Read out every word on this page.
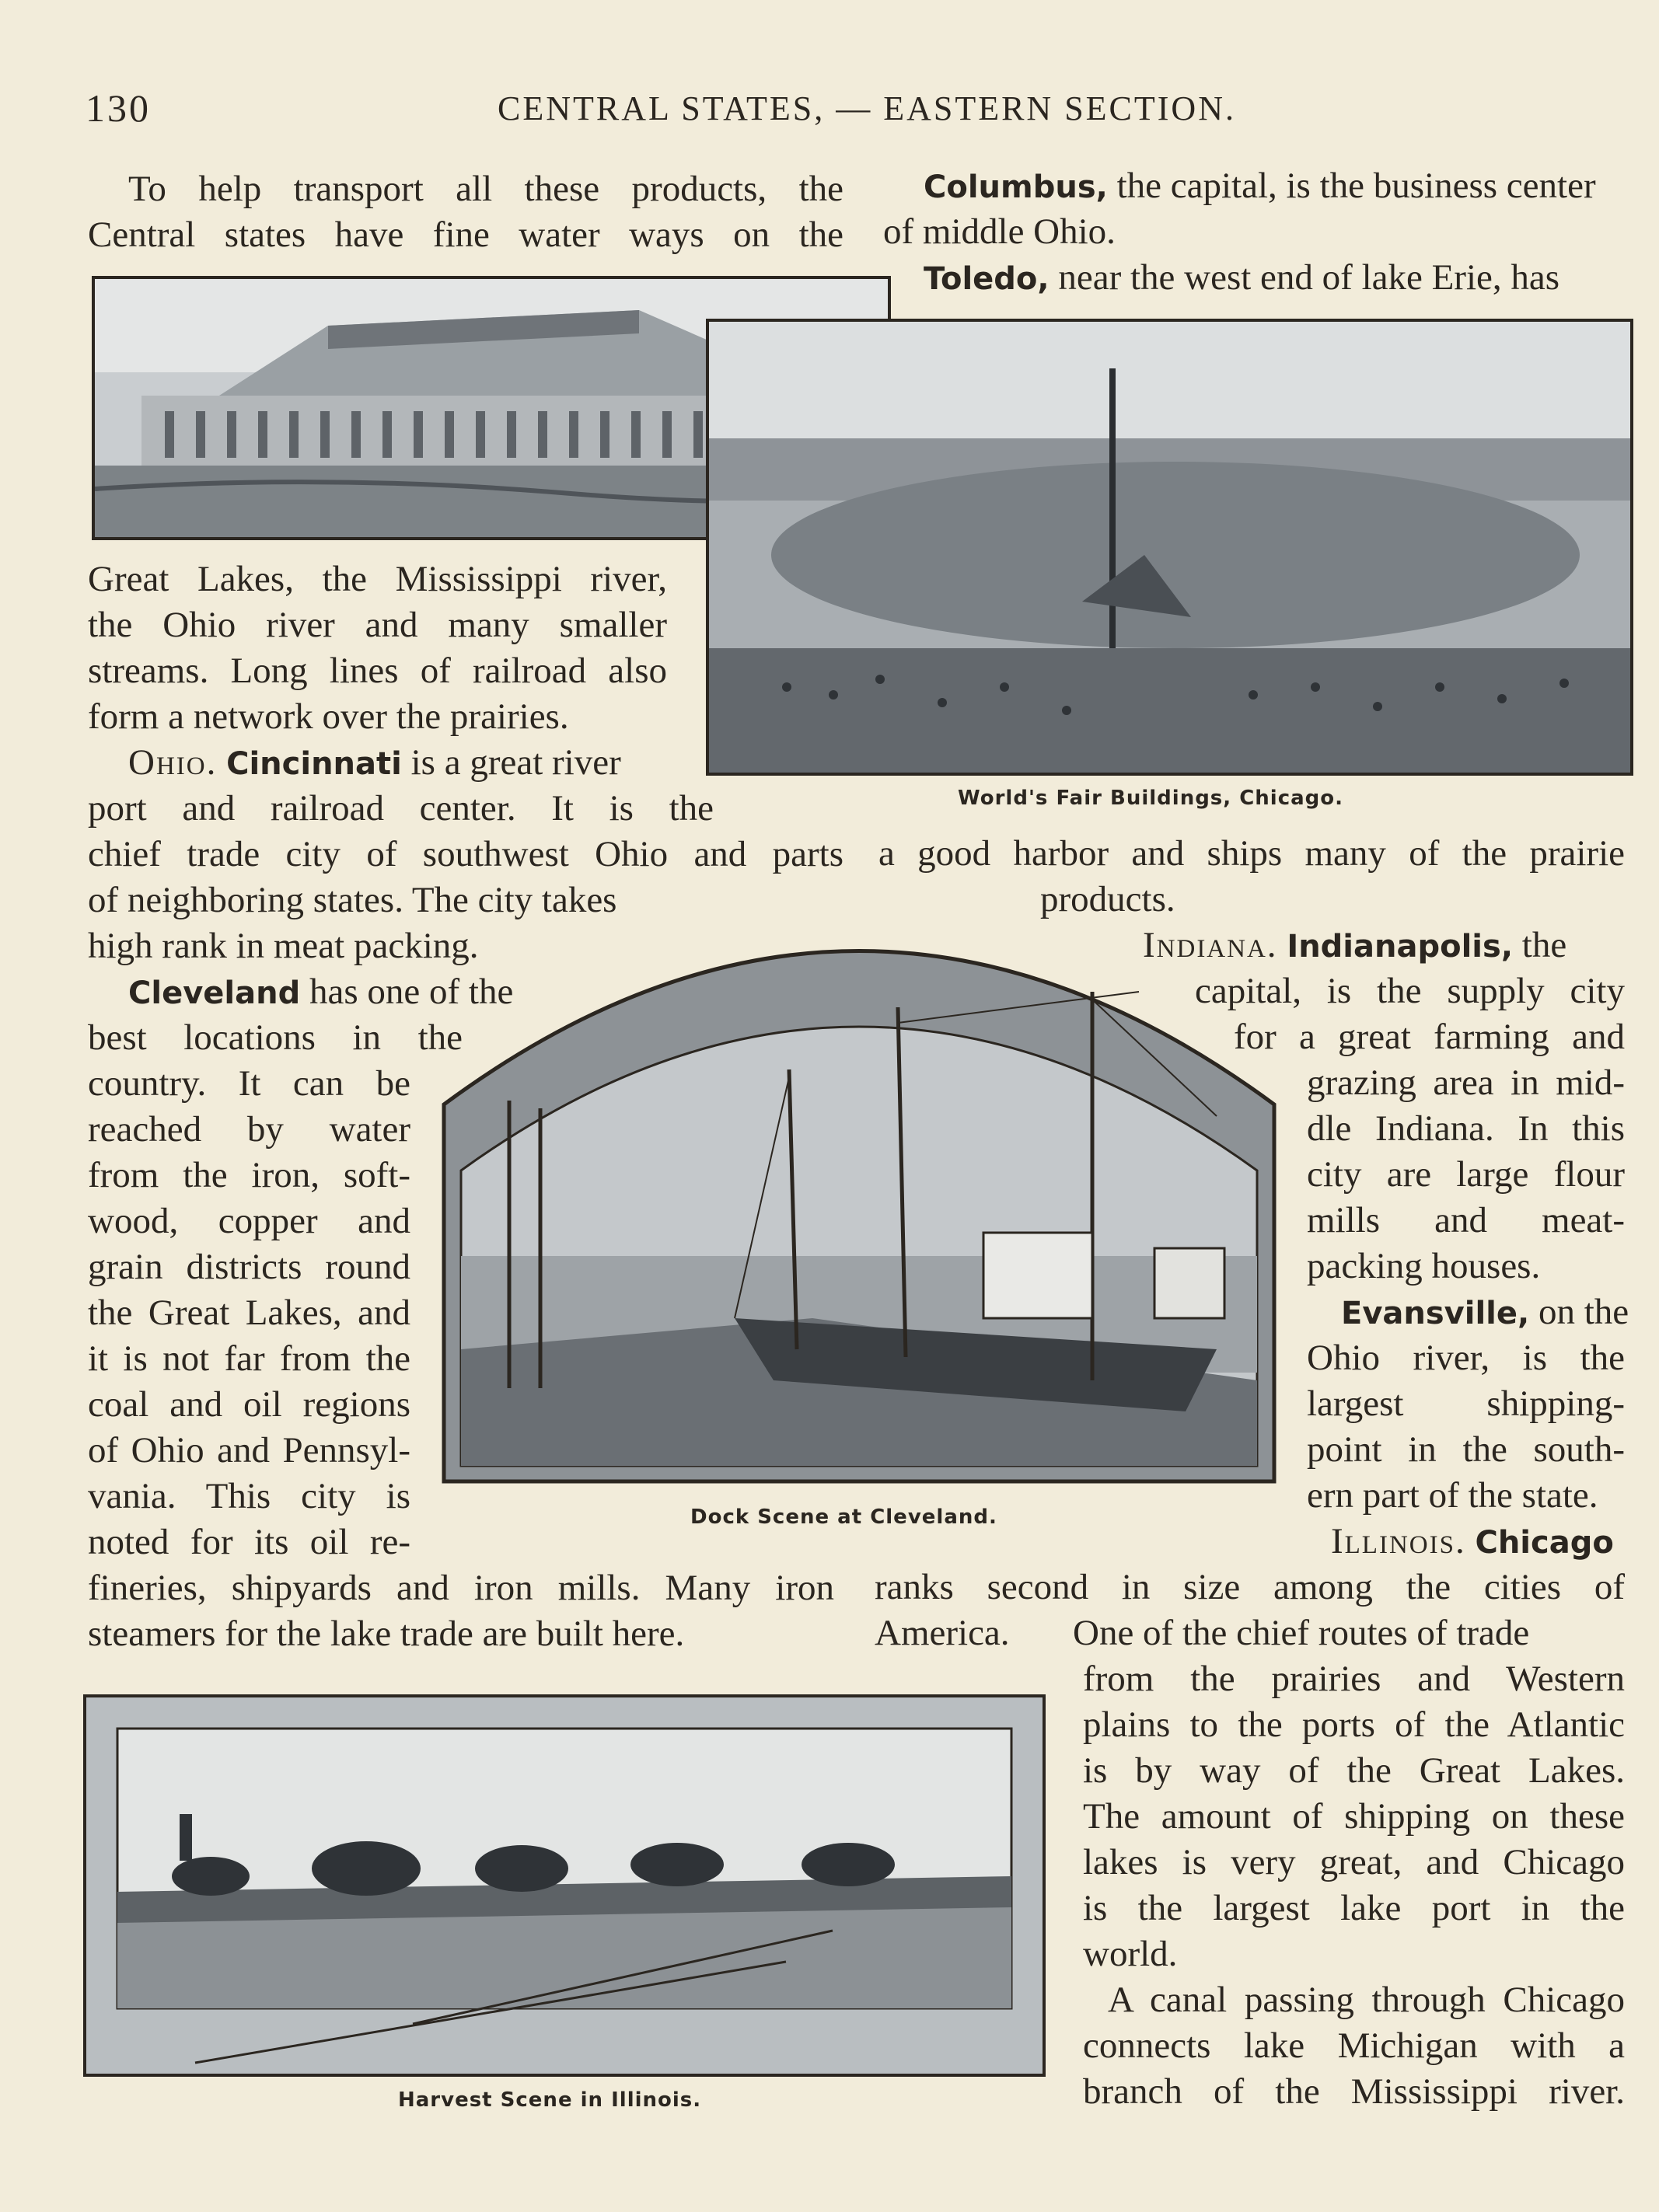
130	CENTRAL STATES, — EASTERN SECTION.
World's Fair Buildings, Chicago.
Dock Scene at Cleveland.
Harvest Scene in Illinois.
To help transport all these products, the
Central states have fine water ways on the
Great Lakes, the Mississippi river,
the Ohio river and many smaller
streams. Long lines of railroad also
form a network over the prairies.
Ohio. Cincinnati is a great river
port and railroad center. It is the
chief trade city of southwest Ohio and parts
of neighboring states. The city takes
high rank in meat packing.
Cleveland has one of the
best locations in the
country. It can be
reached by water
from the iron, soft-
wood, copper and
grain districts round
the Great Lakes, and
it is not far from the
coal and oil regions
of Ohio and Pennsyl-
vania. This city is
noted for its oil re-
fineries, shipyards and iron mills. Many iron
steamers for the lake trade are built here.
Columbus, the capital, is the business center
of middle Ohio.
Toledo, near the west end of lake Erie, has
a good harbor and ships many of the prairie
products.
Indiana. Indianapolis, the
capital, is the supply city
for a great farming and
grazing area in mid-
dle Indiana. In this
city are large flour
mills and meat-
packing houses.
Evansville, on the
Ohio river, is the
largest shipping-
point in the south-
ern part of the state.
Illinois. Chicago
ranks second in size among the cities of
America. One of the chief routes of trade
from the prairies and Western
plains to the ports of the Atlantic
is by way of the Great Lakes.
The amount of shipping on these
lakes is very great, and Chicago
is the largest lake port in the
world.
A canal passing through Chicago
connects lake Michigan with a
branch of the Mississippi river.
